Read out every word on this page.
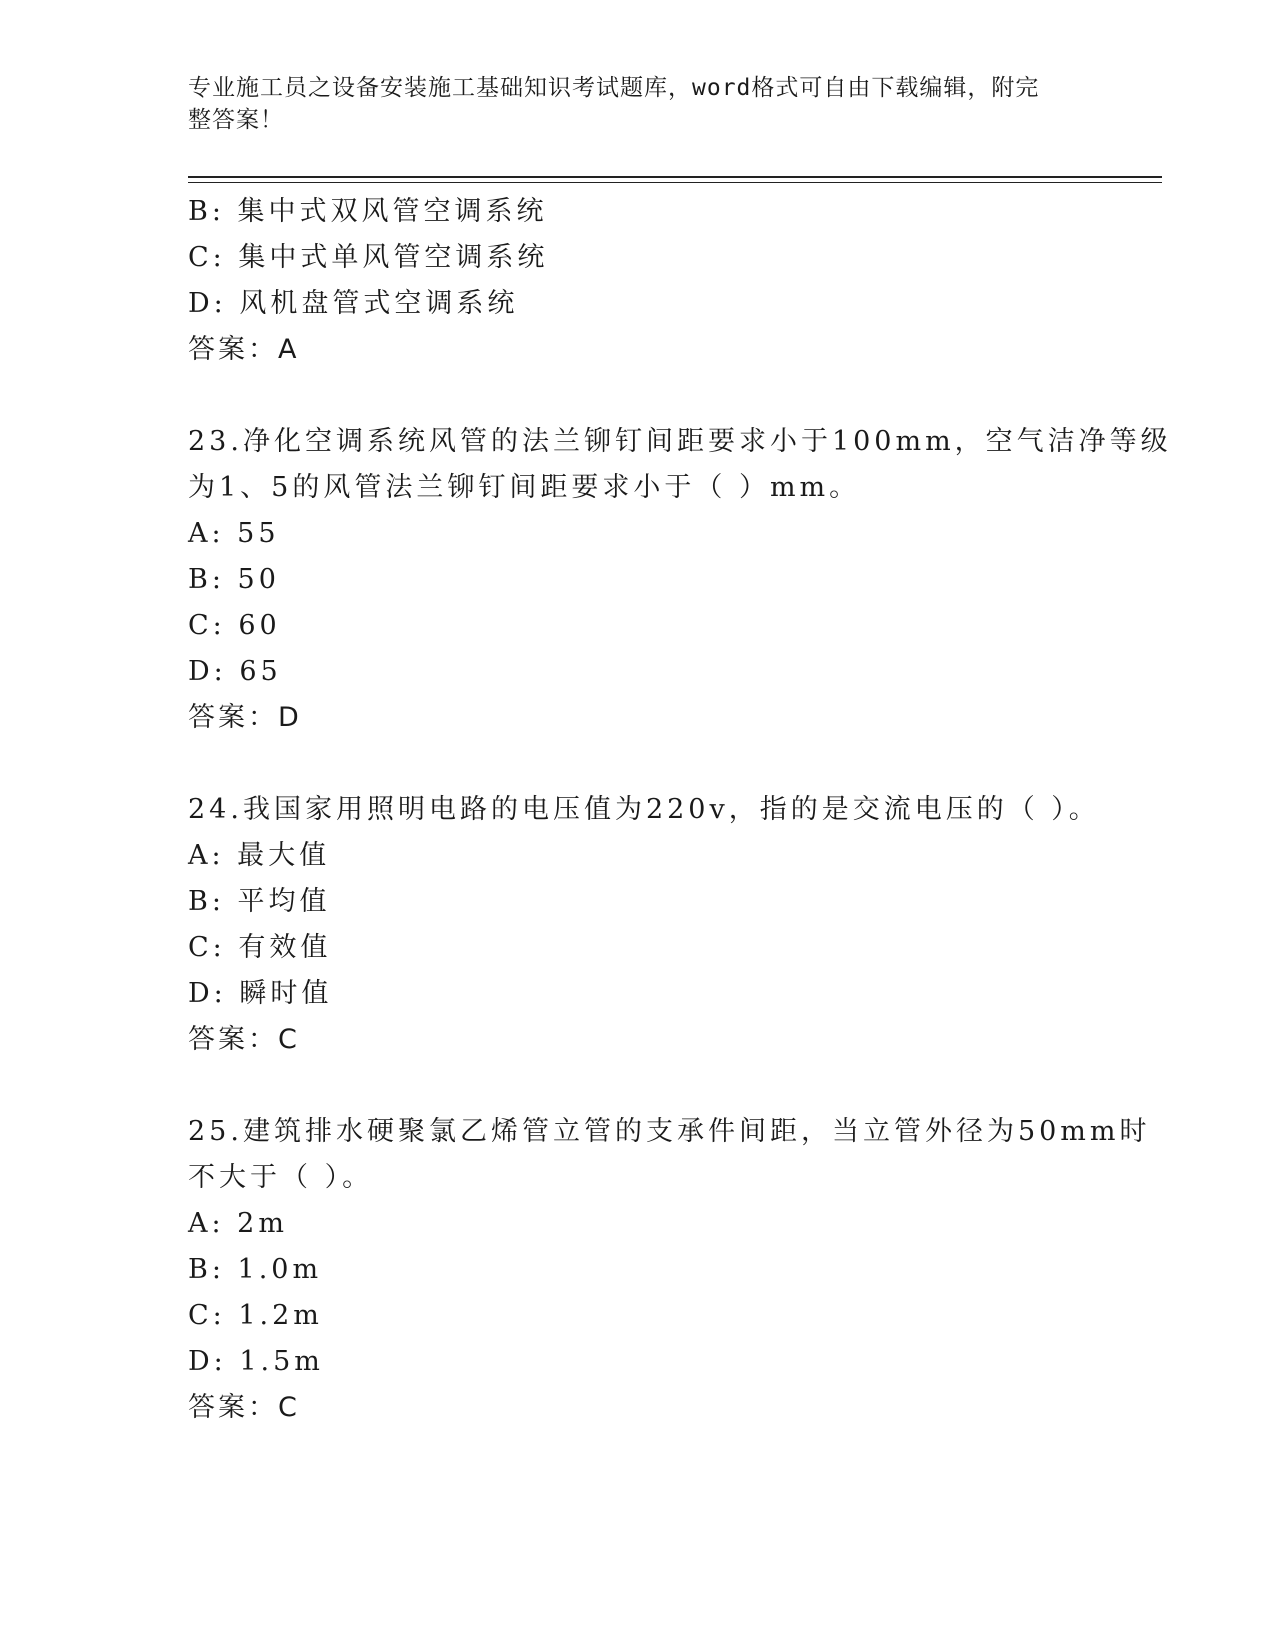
专业施工员之设备安装施工基础知识考试题库，word格式可自由下载编辑，附完
整答案！
B: 集中式双风管空调系统
C: 集中式单风管空调系统
D: 风机盘管式空调系统
答案：A
23.净化空调系统风管的法兰铆钉间距要求小于100mm，空气洁净等级
为1、5的风管法兰铆钉间距要求小于（ ）mm。
A: 55
B: 50
C: 60
D: 65
答案：D
24.我国家用照明电路的电压值为220v，指的是交流电压的（ ）。
A: 最大值
B: 平均值
C: 有效值
D: 瞬时值
答案：C
25.建筑排水硬聚氯乙烯管立管的支承件间距，当立管外径为50mm时
不大于（ ）。
A: 2m
B: 1.0m
C: 1.2m
D: 1.5m
答案：C
